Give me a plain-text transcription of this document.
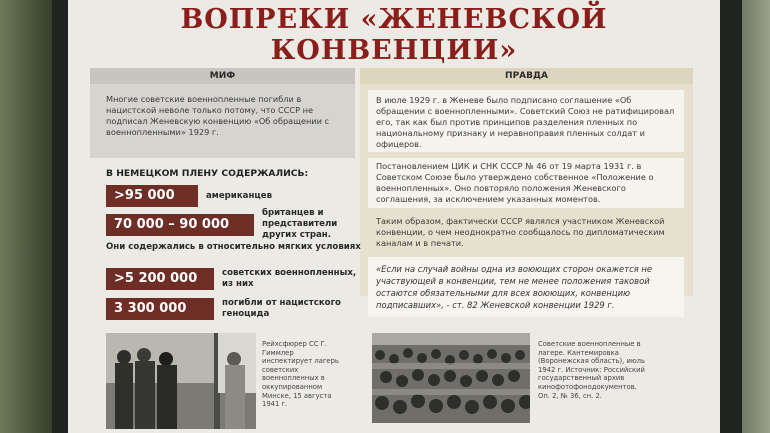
ВОПРЕКИ «ЖЕНЕВСКОЙ КОНВЕНЦИИ»
МИФ
Многие советские военнопленные погибли в нацистской неволе только потому, что СССР не подписал Женевскую конвенцию «Об обращении с военнопленными» 1929 г.
ПРАВДА
В июле 1929 г. в Женеве было подписано соглашение «Об обращении с военнопленными». Советский Союз не ратифицировал его, так как был против принципов разделения пленных по национальному признаку и неравноправия пленных солдат и офицеров.
Постановлением ЦИК и СНК СССР № 46 от 19 марта 1931 г. в Советском Союзе было утверждено собственное «Положение о военнопленных». Оно повторяло положения Женевского соглашения, за исключением указанных моментов.
Таким образом, фактически СССР являлся участником Женевской конвенции, о чем неоднократно сообщалось по дипломатическим каналам и в печати.
«Если на случай войны одна из воюющих сторон окажется не участвующей в конвенции, тем не менее положения таковой остаются обязательными для всех воюющих, конвенцию подписавших», - ст. 82 Женевской конвенции 1929 г.
В НЕМЕЦКОМ ПЛЕНУ СОДЕРЖАЛИСЬ:
>95 000	американцев
70 000 – 90 000
британцев и представители других стран.
Они содержались в относительно мягких условиях
>5 200 000	советских военнопленных, из них
3 300 000	погибли от нацистского геноцида
Рейхсфюрер СС Г. Гиммлер инспектирует лагерь советских военнопленных в оккупированном Минске, 15 августа 1941 г.
Советские военнопленные в лагере. Кантемировка (Воронежская область), июль 1942 г. Источник: Российский государственный архив кинофотофонодокументов. Оп. 2, № 36, сн. 2.
